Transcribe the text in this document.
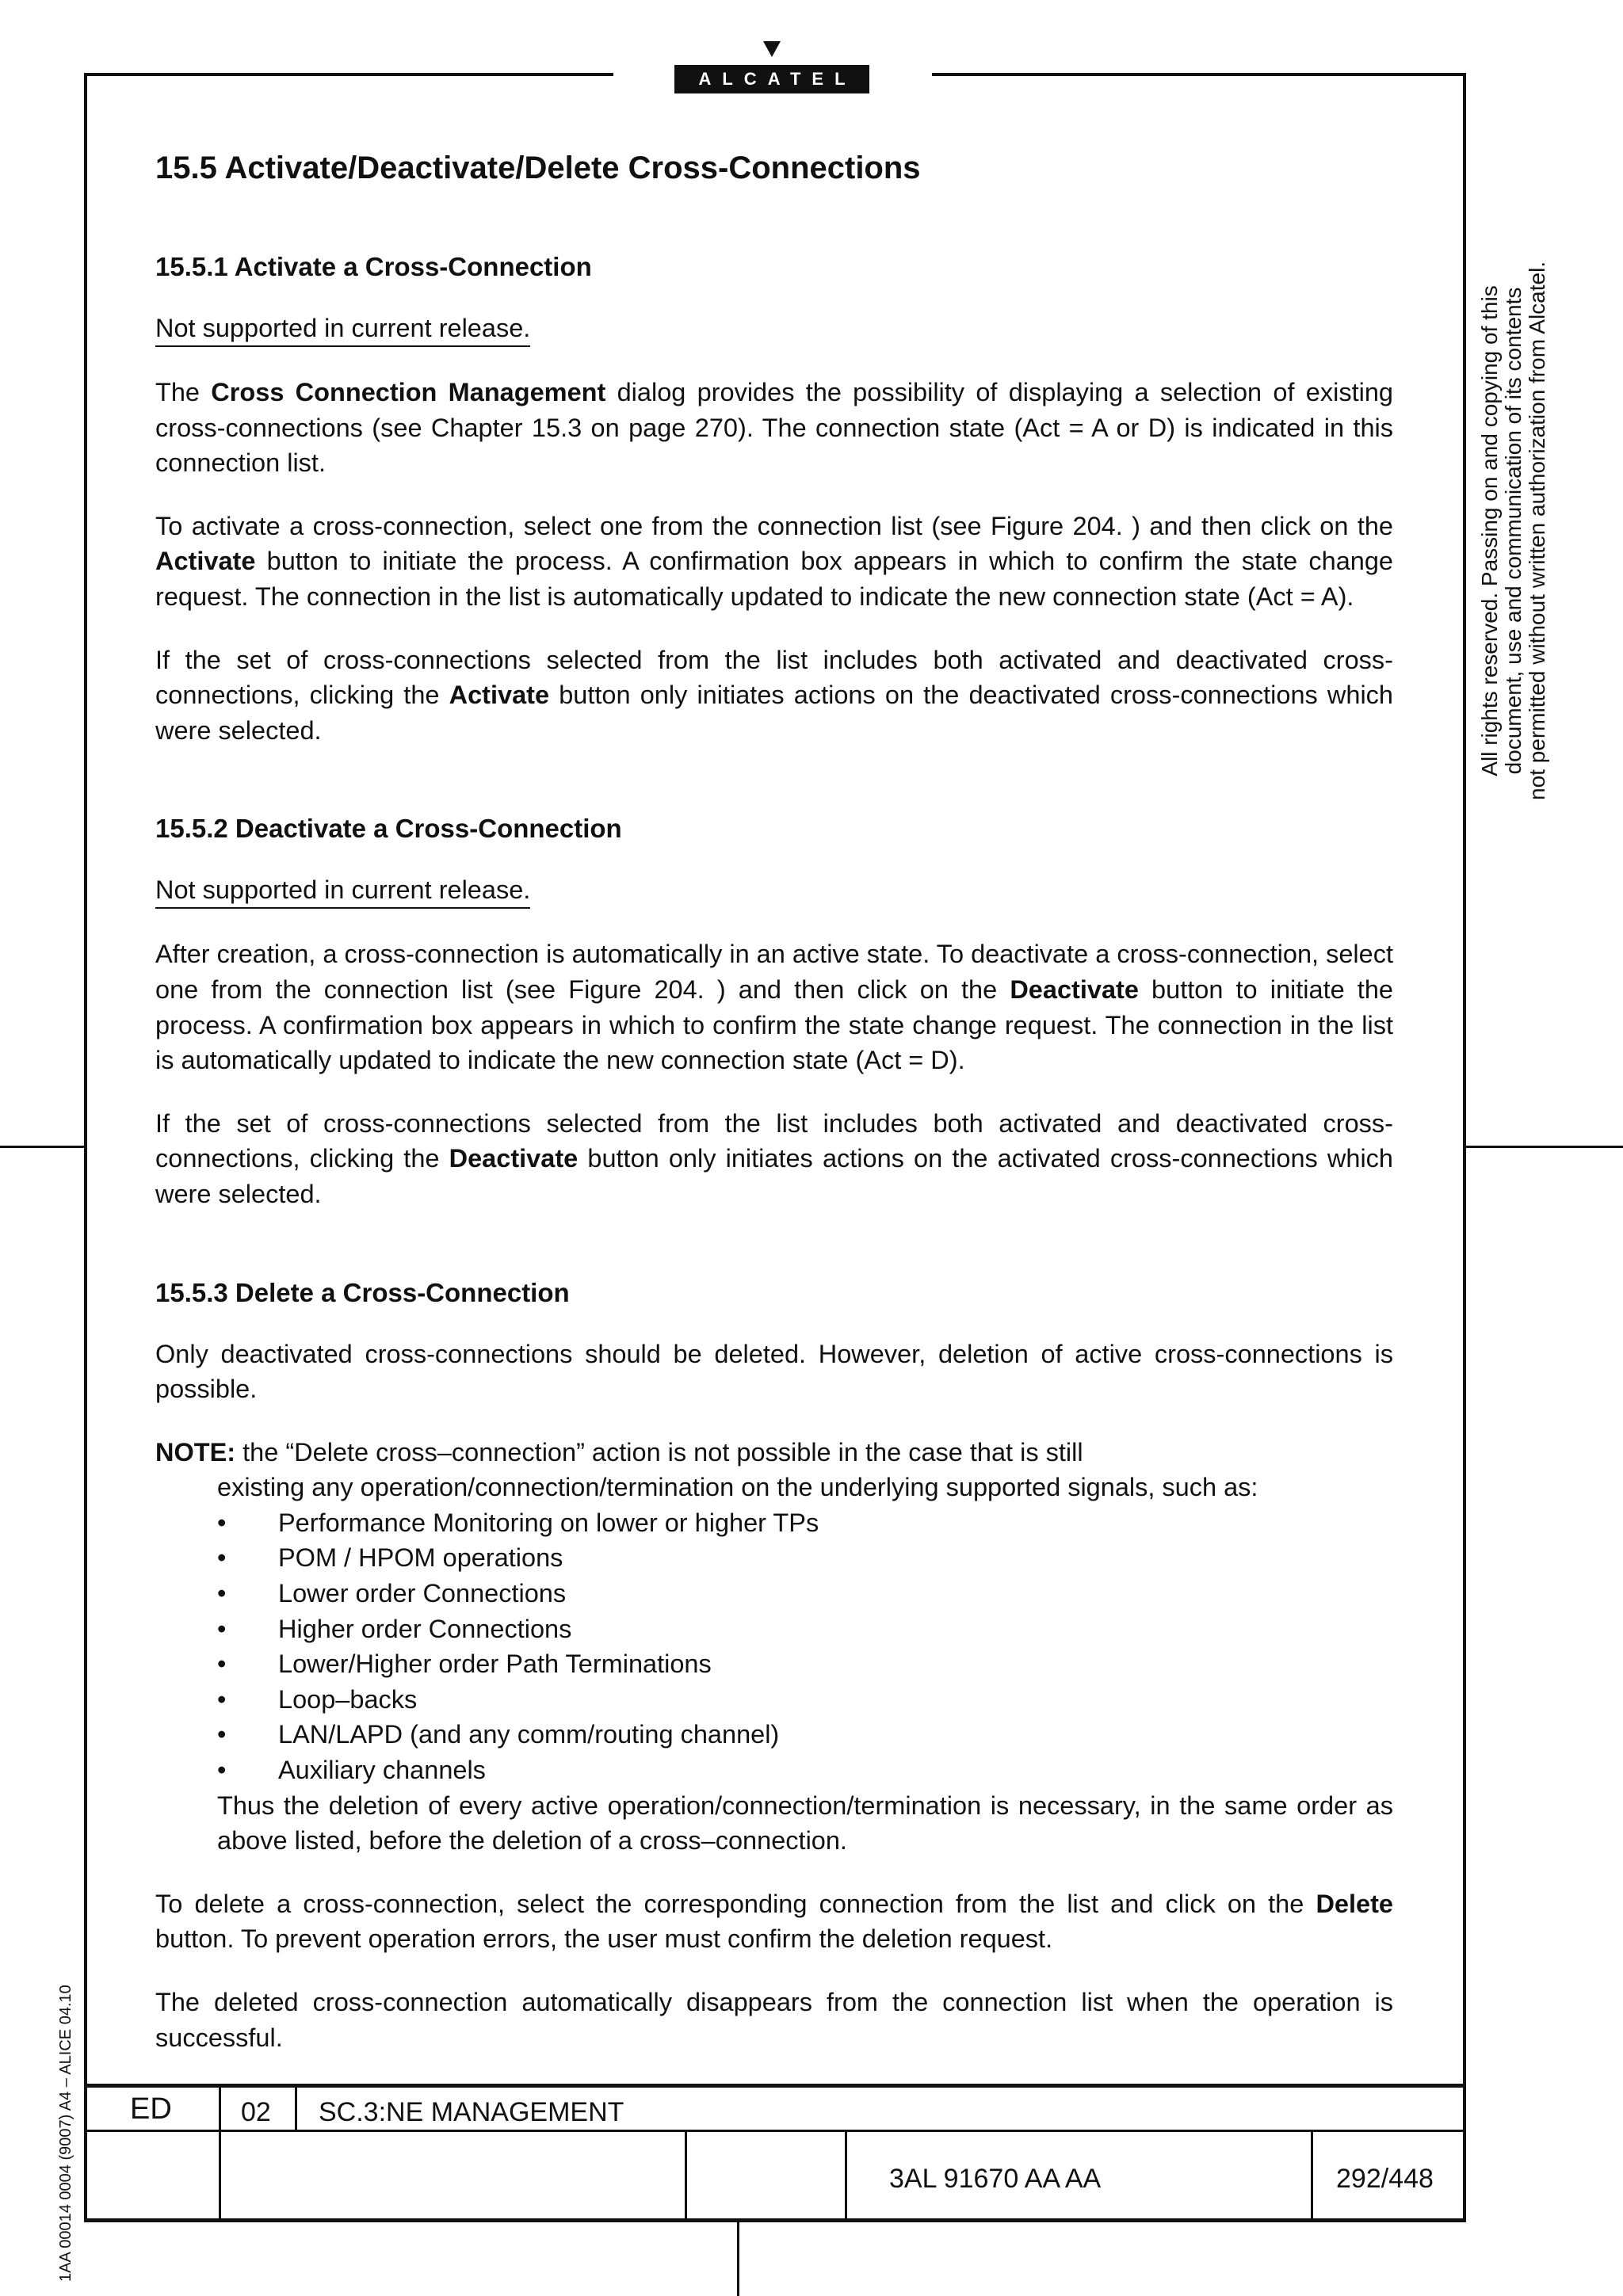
ALCATEL
15.5 Activate/Deactivate/Delete Cross-Connections
15.5.1 Activate a Cross-Connection
Not supported in current release.

The Cross Connection Management dialog provides the possibility of displaying a selection of existing cross-connections (see Chapter 15.3 on page 270). The connection state (Act = A or D) is indicated in this connection list.

To activate a cross-connection, select one from the connection list (see Figure 204. ) and then click on the Activate button to initiate the process. A confirmation box appears in which to confirm the state change request. The connection in the list is automatically updated to indicate the new connection state (Act = A).

If the set of cross-connections selected from the list includes both activated and deactivated cross-connections, clicking the Activate button only initiates actions on the deactivated cross-connections which were selected.

15.5.2 Deactivate a Cross-Connection
Not supported in current release.

After creation, a cross-connection is automatically in an active state. To deactivate a cross-connection, select one from the connection list (see Figure 204. ) and then click on the Deactivate button to initiate the process. A confirmation box appears in which to confirm the state change request. The connection in the list is automatically updated to indicate the new connection state (Act = D).

If the set of cross-connections selected from the list includes both activated and deactivated cross-connections, clicking the Deactivate button only initiates actions on the activated cross-connections which were selected.

15.5.3 Delete a Cross-Connection

Only deactivated cross-connections should be deleted. However, deletion of active cross-connections is possible.

NOTE: the “Delete cross–connection” action is not possible in the case that is still

existing any operation/connection/termination on the underlying supported signals, such as:

• Performance Monitoring on lower or higher TPs
• POM / HPOM operations
• Lower order Connections
• Higher order Connections
• Lower/Higher order Path Terminations
• Loop–backs
• LAN/LAPD (and any comm/routing channel)
• Auxiliary channels

Thus the deletion of every active operation/connection/termination is necessary, in the same order as above listed, before the deletion of a cross–connection.

To delete a cross-connection, select the corresponding connection from the list and click on the Delete button. To prevent operation errors, the user must confirm the deletion request.

The deleted cross-connection automatically disappears from the connection list when the operation is successful.

All rights reserved. Passing on and copying of this document, use and communication of its contents not permitted without written authorization from Alcatel.
1AA 00014 0004 (9007) A4 – ALICE 04.10 ED	02 SC.3:NE MANAGEMENT
3AL 91670 AA AA	292/448
